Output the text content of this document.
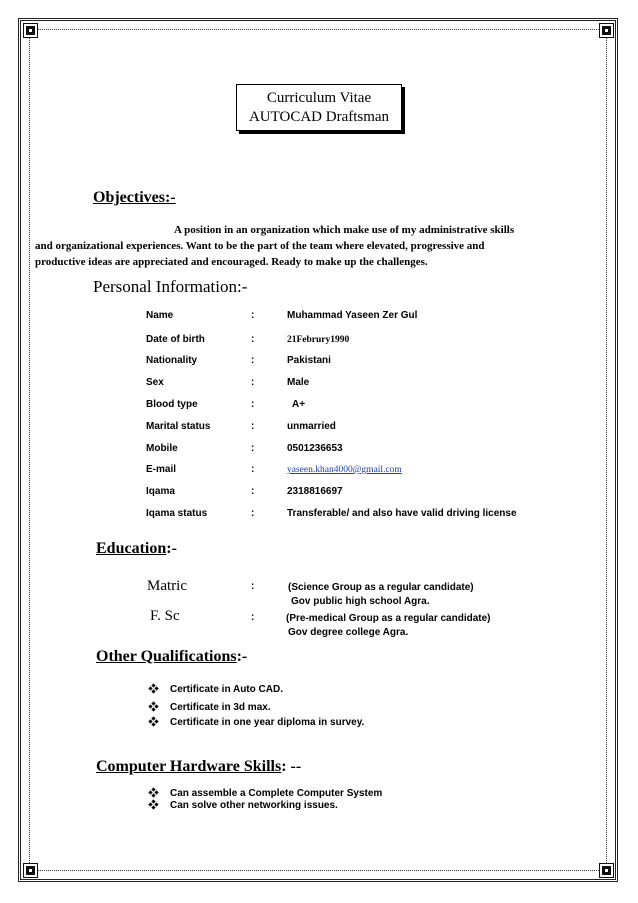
Curriculum Vitae
AUTOCAD Draftsman
Objectives:-
A position in an organization which make use of my administrative skills
and organizational experiences. Want to be the part of the team where elevated, progressive and
productive ideas are appreciated and encouraged. Ready to make up the challenges.
Personal Information:-
Name	:	Muhammad Yaseen Zer Gul
Date of birth	:	21Februry1990
Nationality	:	Pakistani
Sex	:	Male
Blood type	:	A+
Marital status	:	unmarried
Mobile	:	0501236653
E-mail	:	yaseen.khan4000@gmail.com
Iqama	:	2318816697
Iqama status	:	Transferable/ and also have valid driving license
Education:-
Matric	:	(Science Group as a regular candidate)
Gov public high school Agra.
F. Sc	:	(Pre-medical Group as a regular candidate)
Gov degree college Agra.
Other Qualifications:-
Certificate in Auto CAD.
Certificate in 3d max.
Certificate in one year diploma in survey.
Computer Hardware Skills: --
Can assemble a Complete Computer System
Can solve other networking issues.
